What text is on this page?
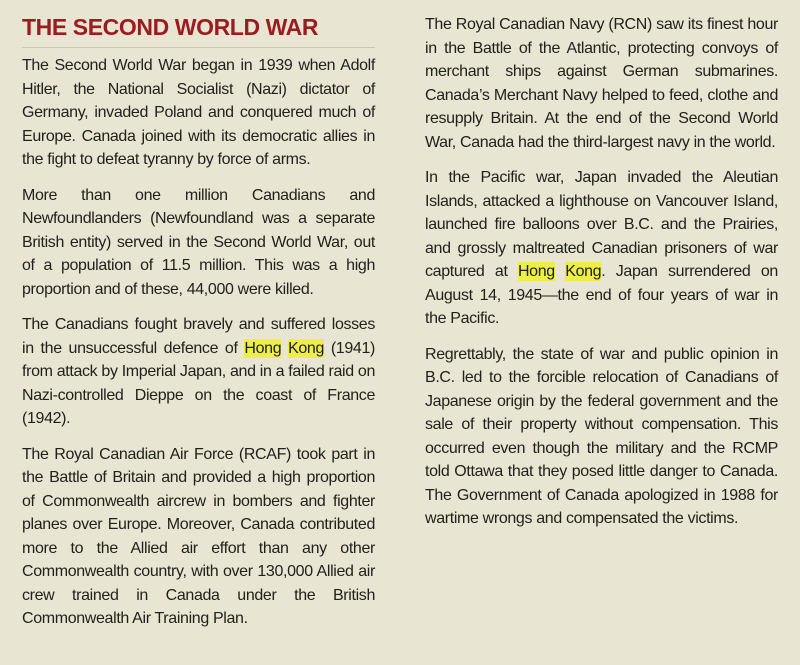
THE SECOND WORLD WAR

The Second World War began in 1939 when Adolf Hitler, the National Socialist (Nazi) dictator of Germany, invaded Poland and conquered much of Europe. Canada joined with its democratic allies in the fight to defeat tyranny by force of arms.

More than one million Canadians and Newfoundlanders (Newfoundland was a separate British entity) served in the Second World War, out of a population of 11.5 million. This was a high proportion and of these, 44,000 were killed.

The Canadians fought bravely and suffered losses in the unsuccessful defence of Hong Kong (1941) from attack by Imperial Japan, and in a failed raid on Nazi-controlled Dieppe on the coast of France (1942).

The Royal Canadian Air Force (RCAF) took part in the Battle of Britain and provided a high proportion of Commonwealth aircrew in bombers and fighter planes over Europe. Moreover, Canada contributed more to the Allied air effort than any other Commonwealth country, with over 130,000 Allied air crew trained in Canada under the British Commonwealth Air Training Plan.

The Royal Canadian Navy (RCN) saw its finest hour in the Battle of the Atlantic, protecting convoys of merchant ships against German submarines. Canada’s Merchant Navy helped to feed, clothe and resupply Britain. At the end of the Second World War, Canada had the third-largest navy in the world.

In the Pacific war, Japan invaded the Aleutian Islands, attacked a lighthouse on Vancouver Island, launched fire balloons over B.C. and the Prairies, and grossly maltreated Canadian prisoners of war captured at Hong Kong. Japan surrendered on August 14, 1945—the end of four years of war in the Pacific.

Regrettably, the state of war and public opinion in B.C. led to the forcible relocation of Canadians of Japanese origin by the federal government and the sale of their property without compensation. This occurred even though the military and the RCMP told Ottawa that they posed little danger to Canada. The Government of Canada apologized in 1988 for wartime wrongs and compensated the victims.
